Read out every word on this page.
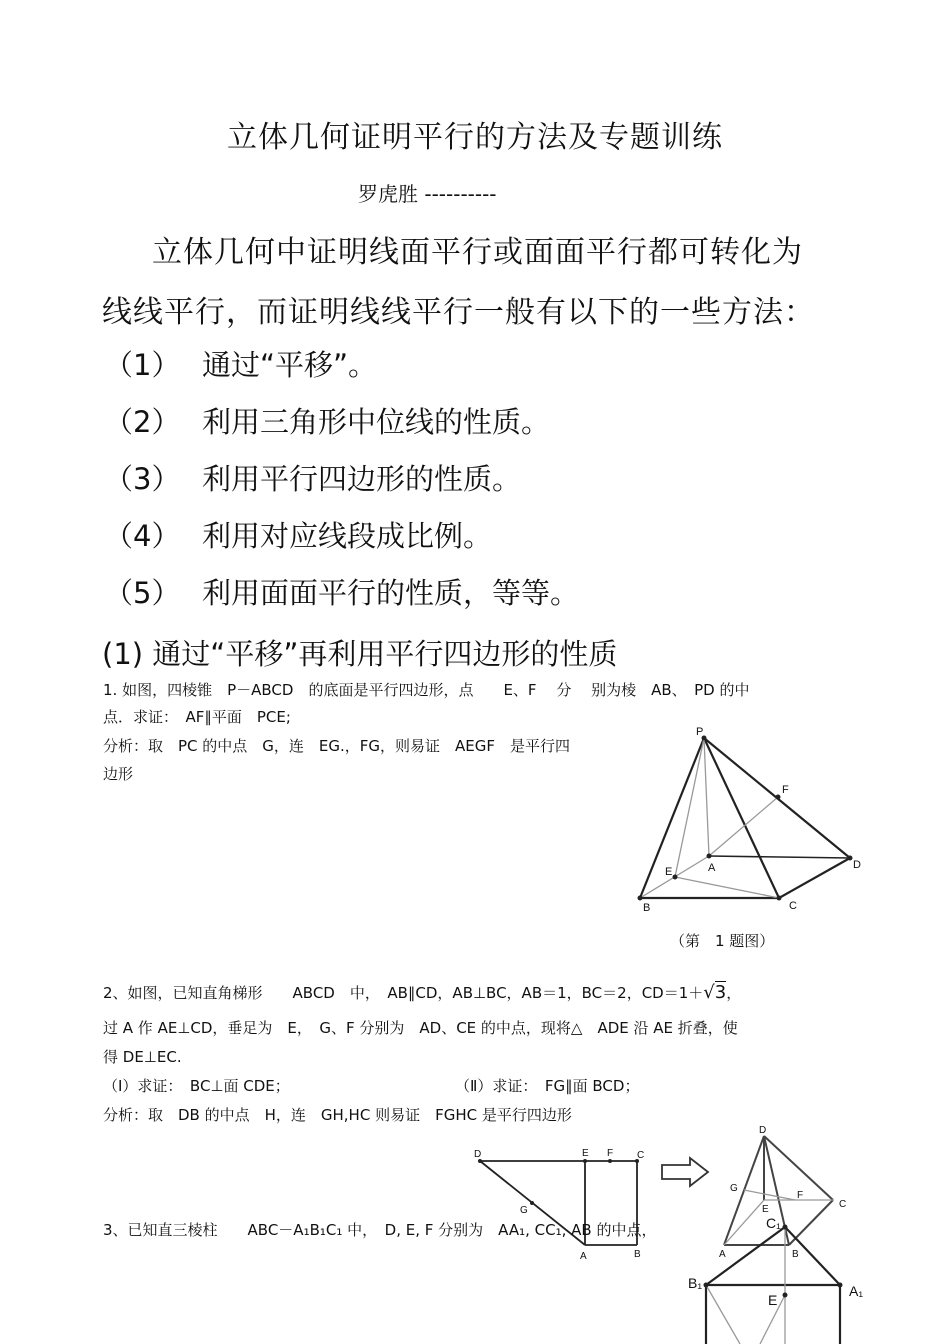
立体几何证明平行的方法及专题训练
罗虎胜 ----------
立体几何中证明线面平行或面面平行都可转化为
线线平行，而证明线线平行一般有以下的一些方法：
（1） 通过“平移”。
（2） 利用三角形中位线的性质。
（3） 利用平行四边形的性质。
（4） 利用对应线段成比例。
（5） 利用面面平行的性质，等等。
(1) 通过“平移”再利用平行四边形的性质
1. 如图，四棱锥　P－ABCD　的底面是平行四边形，点　　E、F　 分　 别为棱　AB、　PD 的中
点．求证：　AF∥平面　PCE;
分析：取　PC 的中点　G，连　EG.，FG，则易证　AEGF　是平行四
边形
P
F
A	D
E
B	C
（第　1 题图）
2、如图，已知直角梯形　　ABCD　中，　AB∥CD，AB⊥BC，AB＝1，BC＝2，CD＝1＋√3，
过 A 作 AE⊥CD，垂足为　E，　G、F 分别为　AD、CE 的中点，现将△　ADE 沿 AE 折叠，使
得 DE⊥EC.
（Ⅰ）求证：　BC⊥面 CDE；	（Ⅱ）求证：　FG∥面 BCD；
分析：取　DB 的中点　H，连　GH,HC 则易证　FGHC 是平行四边形
D	E F C
G
A	B
D
G
F
E	C
A	B
3、已知直三棱柱　　ABC－A₁B₁C₁ 中，　D, E, F 分别为　AA₁, CC₁, AB 的中点，	C₁
B₁	A₁
E
